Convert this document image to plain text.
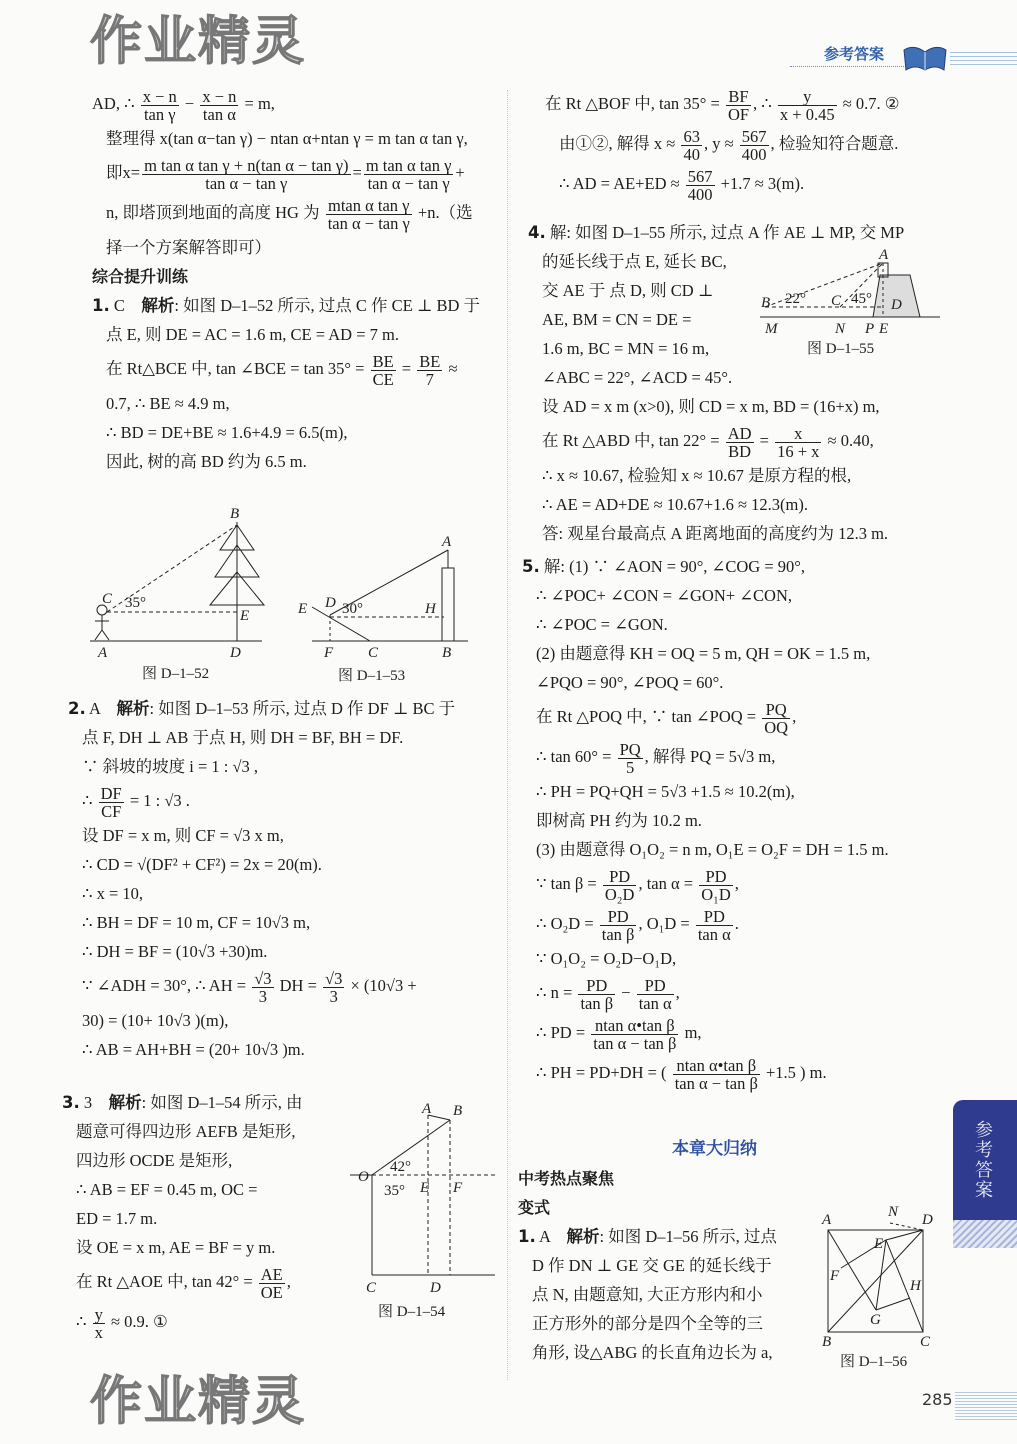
参考答案
AD, ∴ $\frac{x - n}{\text{tan γ}} - \frac{x - n}{\text{tan α}} = m$,
整理得 x(tan α−tan γ) − ntan α+ntan γ = m tan α tan γ,
即$x= \frac{\text{m tan α tan γ + n(tan α − tan γ)}}{\text{tan α − tan γ}} = \frac{\text{m tan α tan γ}}{\text{tan α − tan γ}}$ +
n, 即塔顶到地面的高度 HG 为 $\frac{\text{mtan α tan γ}}{\text{tan α − tan γ}} +n$.（选
择一个方案解答即可）
综合提升训练
1. C　解析: 如图 D–1–52 所示, 过点 C 作 CE ⊥ BD 于
点 E, 则 DE = AC = 1.6 m, CE = AD = 7 m.
在 Rt△BCE 中, tan ∠BCE = $\tan 35^\circ = \frac{BE}{CE} = \frac{BE}{7}$ ≈
0.7, ∴ BE ≈ 4.9 m,
∴ BD = DE+BE ≈ 1.6+4.9 = 6.5(m),
因此, 树的高 BD 约为 6.5 m.
2. A　解析: 如图 D–1–53 所示, 过点 D 作 DF ⊥ BC 于
点 F, DH ⊥ AB 于点 H, 则 DH = BF, BH = DF.
∵ 斜坡的坡度 i = 1 : √3 ,
∴ $\frac{DF}{CF} = 1$ : √3 .
设 DF = x m, 则 CF = √3 x m,
∴ CD = √(DF² + CF²) = 2x = 20(m).
∴ x = 10,
∴ BH = DF = 10 m, CF = 10√3 m,
∴ DH = BF = (10√3 +30)m.
∵ ∠ADH = 30°, ∴ AH = $\frac{√3}{3}$ DH = $\frac{√3}{3} \times (10√3$ +
30) = (10+ 10√3 )(m),
∴ AB = AH+BH = (20+ 10√3 )m.
3. 3　解析: 如图 D–1–54 所示, 由
题意可得四边形 AEFB 是矩形,
四边形 OCDE 是矩形,
∴ AB = EF = 0.45 m, OC =
ED = 1.7 m.
设 OE = x m, AE = BF = y m.
在 Rt △AOE 中, $\tan 42^\circ = \frac{AE}{OE}$ ,
∴ $\frac{y}{x} \approx 0.9$. ①
在 Rt △BOF 中, $\tan 35^\circ = \frac{BF}{OF}$ , ∴ $\frac{y}{x + 0.45} \approx 0.7$. ②
由①②, 解得 $x \approx \frac{63}{40}$ , $y \approx \frac{567}{400}$ , 检验知符合题意.
∴ AD = $AE+ED \approx \frac{567}{400} +1.7 \approx 3(m)$.
4. 解: 如图 D–1–55 所示, 过点 A 作 AE ⊥ MP, 交 MP
的延长线于点 E, 延长 BC,
交 AE 于 点 D, 则 CD ⊥
AE, BM = CN = DE =
1.6 m, BC = MN = 16 m,
∠ABC = 22°, ∠ACD = 45°.
设 AD = x m (x>0), 则 CD = x m, BD = (16+x) m,
在 Rt △ABD 中, $\tan 22^\circ = \frac{AD}{BD} = \frac{x}{16 + x} \approx 0.40$,
∴ x ≈ 10.67, 检验知 x ≈ 10.67 是原方程的根,
∴ AE = AD+DE ≈ 10.67+1.6 ≈ 12.3(m).
答: 观星台最高点 A 距离地面的高度约为 12.3 m.
5. 解: (1) ∵ ∠AON = 90°, ∠COG = 90°,
∴ ∠POC+ ∠CON = ∠GON+ ∠CON,
∴ ∠POC = ∠GON.
(2) 由题意得 KH = OQ = 5 m, QH = OK = 1.5 m,
∠PQO = 90°, ∠POQ = 60°.
在 Rt △POQ 中, ∵ tan ∠POQ = $\frac{PQ}{OQ}$ ,
∴ $\tan 60^\circ = \frac{PQ}{5}$ , 解得 PQ = 5√3 m,
∴ PH = PQ+QH = 5√3 +1.5 ≈ 10.2(m),
即树高 PH 约为 10.2 m.
(3) 由题意得 O₁O₂ = n m, O₁E = O₂F = DH = 1.5 m.
∵ $\tan \beta = \frac{PD}{\text{O₂D}}$ , $\tan \alpha = \frac{PD}{\text{O₁D}}$ ,
∴ $O_2D = \frac{PD}{\text{tan β}}$ , $O_1D = \frac{PD}{\text{tan α}}$ .
∵ O₁O₂ = O₂D−O₁D,
∴ $n = \frac{PD}{\text{tan β}} - \frac{PD}{\text{tan α}}$ ,
∴ PD = $\frac{\text{ntan α•tan β}}{\text{tan α − tan β}} m$,
∴ PH = PD+DH = ( $\frac{\text{ntan α•tan β}}{\text{tan α − tan β}} +1.5$ ) m.
本章大归纳
中考热点聚焦
变式
1. A　解析: 如图 D–1–56 所示, 过点
D 作 DN ⊥ GE 交 GE 的延长线于
点 N, 由题意知, 大正方形内和小
正方形外的部分是四个全等的三
角形, 设△ABG 的长直角边长为 a,
B
C 35°
E
A	D
图 D–1–52
A
E D 30°	H
F C	B
图 D–1–53
A B
O
42°
35° E F
C	D
图 D–1–54
A
B 22° C 45° D
M	N P E
图 D–1–55
A	N D
E
F
H
G
B	C
图 D–1–56
作业精灵
作业精灵
参考答案
285
